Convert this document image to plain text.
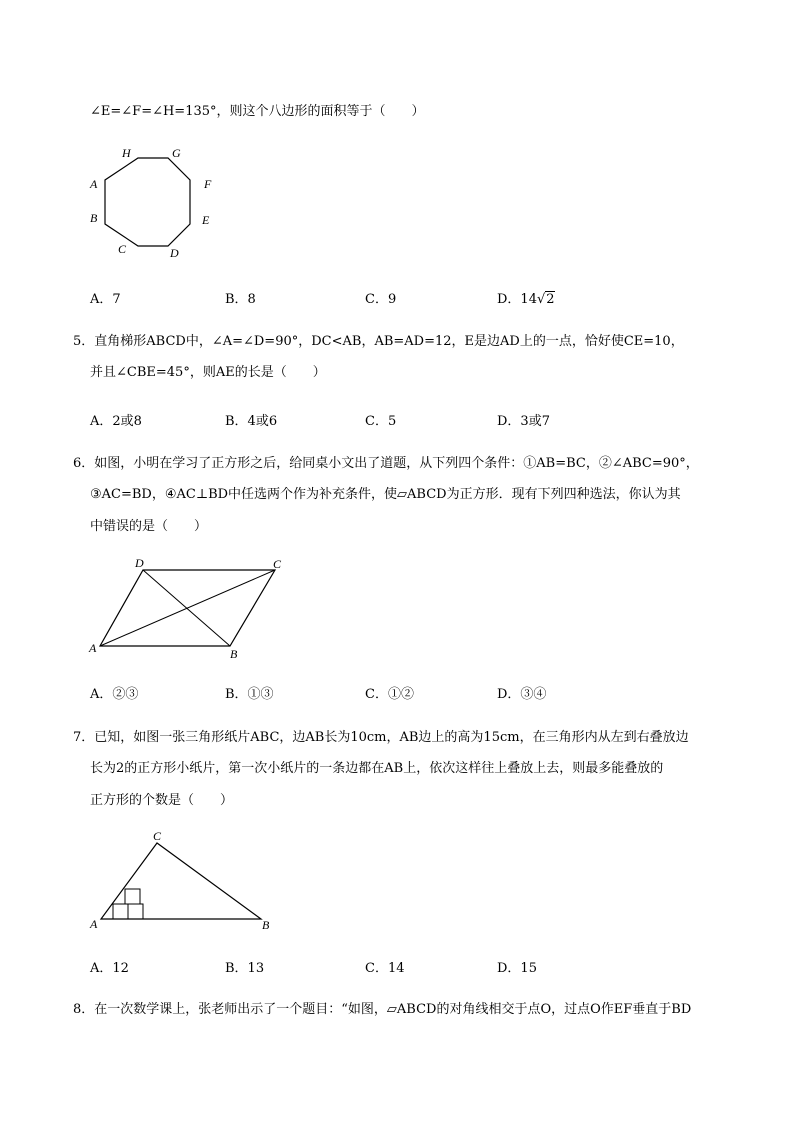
∠E=∠F=∠H=135°，则这个八边形的面积等于（　　）
H	G
A	F
B	E
C	D
A．7	B．8	C．9	D．14√2
5．直角梯形ABCD中，∠A=∠D=90°，DC<AB，AB=AD=12，E是边AD上的一点，恰好使CE=10，
并且∠CBE=45°，则AE的长是（　　）
A．2或8	B．4或6	C．5	D．3或7
6．如图，小明在学习了正方形之后，给同桌小文出了道题，从下列四个条件：①AB=BC，②∠ABC=90°，
③AC=BD，④AC⊥BD中任选两个作为补充条件，使▱ABCD为正方形．现有下列四种选法，你认为其
中错误的是（　　）
D	C
A	B
A．②③	B．①③	C．①②	D．③④
7．已知，如图一张三角形纸片ABC，边AB长为10cm，AB边上的高为15cm，在三角形内从左到右叠放边
长为2的正方形小纸片，第一次小纸片的一条边都在AB上，依次这样往上叠放上去，则最多能叠放的
正方形的个数是（　　）
C
A	B
A．12	B．13	C．14	D．15
8．在一次数学课上，张老师出示了一个题目：“如图，▱ABCD的对角线相交于点O，过点O作EF垂直于BD
